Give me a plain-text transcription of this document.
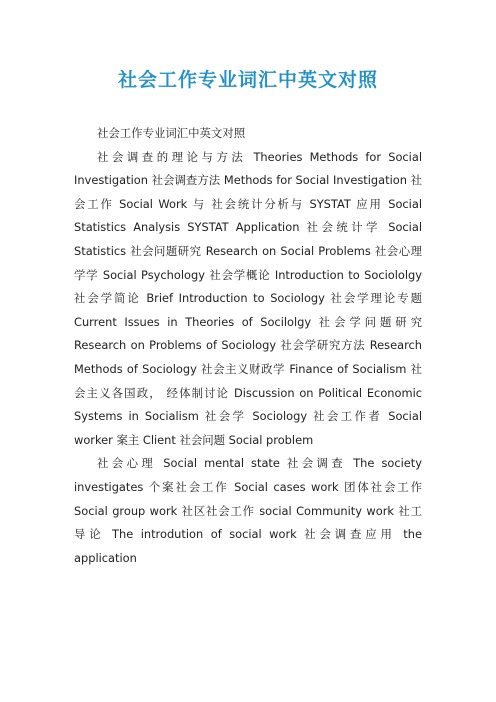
社会工作专业词汇中英文对照

社会工作专业词汇中英文对照

社会调查的理论与方法 Theories Methods for Social Investigation 社会调查方法 Methods for Social Investigation 社会工作 Social Work 与 社会统计分析与 SYSTAT 应用 Social Statistics Analysis SYSTAT Application 社会统计学 Social Statistics 社会问题研究 Research on Social Problems 社会心理学学 Social Psychology 社会学概论 Introduction to Sociololgy 社会学简论 Brief Introduction to Sociology 社会学理论专题 Current Issues in Theories of Socilolgy 社会学问题研究 Research on Problems of Sociology 社会学研究方法 Research Methods of Sociology 社会主义财政学 Finance of Socialism 社会主义各国政， 经体制讨论 Discussion on Political Economic Systems in Socialism 社会学 Sociology 社会工作者 Social worker 案主 Client 社会问题 Social problem

社会心理 Social mental state 社会调查 The society investigates 个案社会工作 Social cases work 团体社会工作 Social group work 社区社会工作 social Community work 社工导论 The introdution of social work 社会调查应用 the application
